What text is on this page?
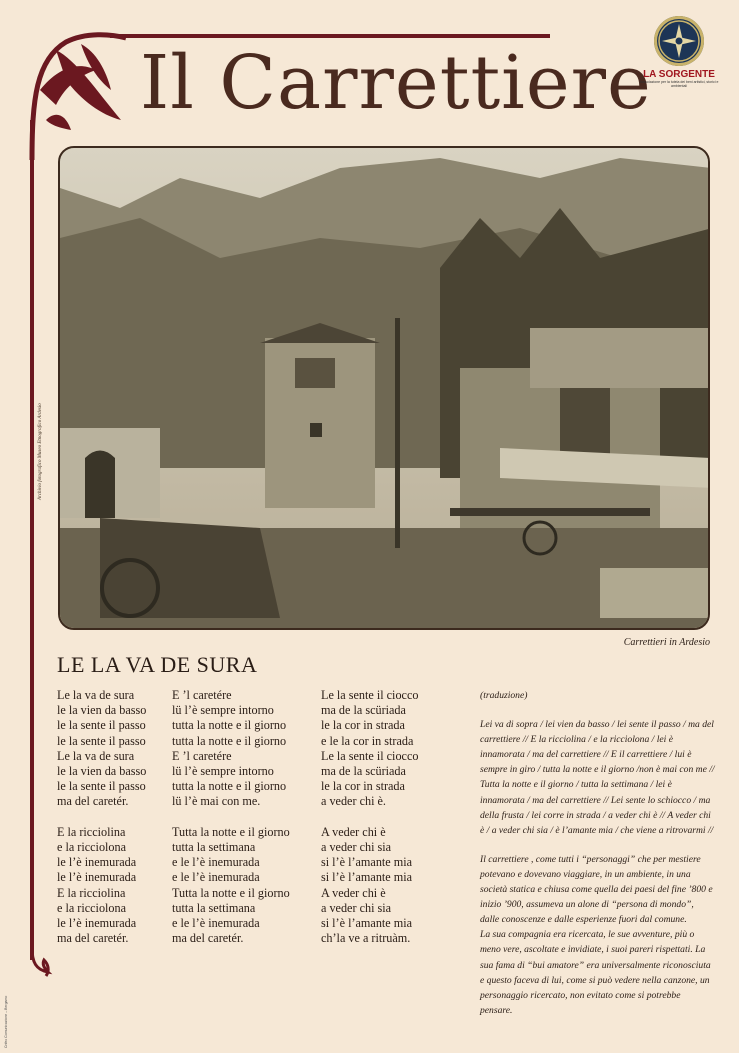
Il Carrettiere
LA SORGENTE
Associazione per la tutela dei beni artistici, storici e ambientali
Archivio fotografico Museo Etnografico Ardesio
Carrettieri in Ardesio
LE LA VA DE SURA
Le la va de sura
le la vien da basso
le la sente il passo
le la sente il passo
Le la va de sura
le la vien da basso
le la sente il passo
ma del caretér.
E la ricciolina
e la ricciolona
le l’è inemurada
le l’è inemurada
E la ricciolina
e la ricciolona
le l’è inemurada
ma del caretér.
E ’l caretére
lü l’è sempre intorno
tutta la notte e il giorno
tutta la notte e il giorno
E ’l caretére
lü l’è sempre intorno
tutta la notte e il giorno
lü l’è mai con me.
Tutta la notte e il giorno
tutta la settimana
e le l’è inemurada
e le l’è inemurada
Tutta la notte e il giorno
tutta la settimana
e le l’è inemurada
ma del caretér.
Le la sente il ciocco
ma de la scüriada
le la cor in strada
e le la cor in strada
Le la sente il ciocco
ma de la scüriada
le la cor in strada
a veder chi è.
A veder chi è
a veder chi sia
si l’è l’amante mia
si l’è l’amante mia
A veder chi è
a veder chi sia
si l’è l’amante mia
ch’la ve a ritruàm.

(traduzione)

Lei va di sopra / lei vien da basso / lei sente il passo / ma del carrettiere // E la ricciolina / e la ricciolona / lei è innamorata / ma del carrettiere // E il carrettiere / lui è sempre in giro / tutta la notte e il giorno /non è mai con me // Tutta la notte e il giorno / tutta la settimana / lei è innamorata / ma del carrettiere // Lei sente lo schiocco / ma della frusta / lei corre in strada / a veder chi è // A veder chi è / a veder chi sia / è l’amante mia / che viene a ritrovarmi //

Il carrettiere , come tutti i “personaggi” che per mestiere potevano e dovevano viaggiare, in un ambiente, in una società statica e chiusa come quella dei paesi del fine ’800 e inizio ’900, assumeva un alone di “persona di mondo”, dalle conoscenze e dalle esperienze fuori dal comune.

La sua compagnia era ricercata, le sue avventure, più o meno vere, ascoltate e invidiate, i suoi pareri rispettati. La sua fama di “bui amatore” era universalmente riconosciuta e questo faceva di lui, come si può vedere nella canzone, un personaggio ricercato, non evitato come si potrebbe pensare.

Cnfex Comunicazione – Bergamo
